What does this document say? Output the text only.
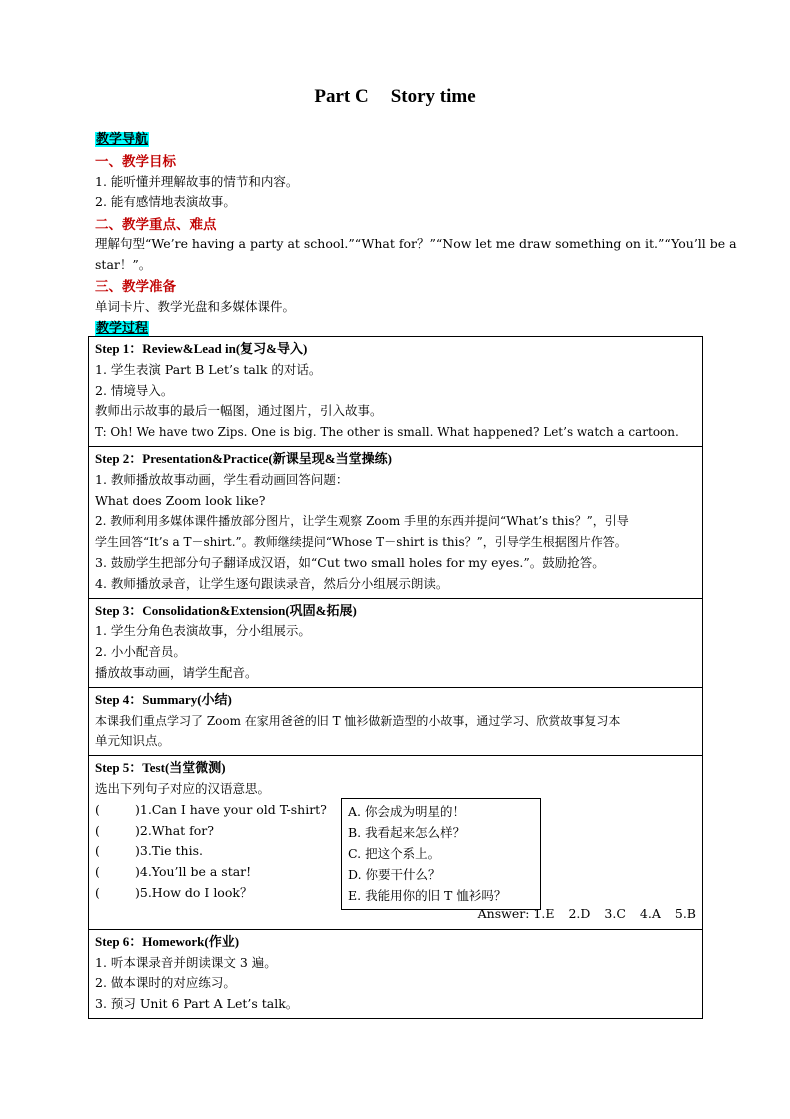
Part C Story time
教学导航
一、教学目标
1. 能听懂并理解故事的情节和内容。
2. 能有感情地表演故事。
二、教学重点、难点
理解句型“We’re having a party at school.”“What for？”“Now let me draw something on it.”“You’ll be a
star！”。
三、教学准备
单词卡片、教学光盘和多媒体课件。
教学过程
Step 1：Review&Lead in(复习&导入)
1. 学生表演 Part B Let’s talk 的对话。
2. 情境导入。
教师出示故事的最后一幅图，通过图片，引入故事。
T: Oh! We have two Zips. One is big. The other is small. What happened? Let’s watch a cartoon.

Step 2：Presentation&Practice(新课呈现&当堂操练)
1. 教师播放故事动画，学生看动画回答问题：
What does Zoom look like?
2. 教师利用多媒体课件播放部分图片，让学生观察 Zoom 手里的东西并提问“What’s this？”，引导
学生回答“It’s a T－shirt.”。教师继续提问“Whose T－shirt is this？”，引导学生根据图片作答。
3. 鼓励学生把部分句子翻译成汉语，如“Cut two small holes for my eyes.”。鼓励抢答。
4. 教师播放录音，让学生逐句跟读录音，然后分小组展示朗读。

Step 3：Consolidation&Extension(巩固&拓展)
1. 学生分角色表演故事，分小组展示。
2. 小小配音员。
播放故事动画，请学生配音。

Step 4：Summary(小结)
本课我们重点学习了 Zoom 在家用爸爸的旧 T 恤衫做新造型的小故事，通过学习、欣赏故事复习本
单元知识点。

Step 5：Test(当堂微测)
选出下列句子对应的汉语意思。
(	)1.Can I have your old T-shirt?
(	)2.What for?
(	)3.Tie this.
(	)4.You’ll be a star!
(	)5.How do I look？
A. 你会成为明星的！
B. 我看起来怎么样？
C. 把这个系上。
D. 你要干什么？
E. 我能用你的旧 T 恤衫吗？
Answer: 1.E 2.D 3.C 4.A 5.B

Step 6：Homework(作业)
1. 听本课录音并朗读课文 3 遍。
2. 做本课时的对应练习。
3. 预习 Unit 6 Part A Let’s talk。
